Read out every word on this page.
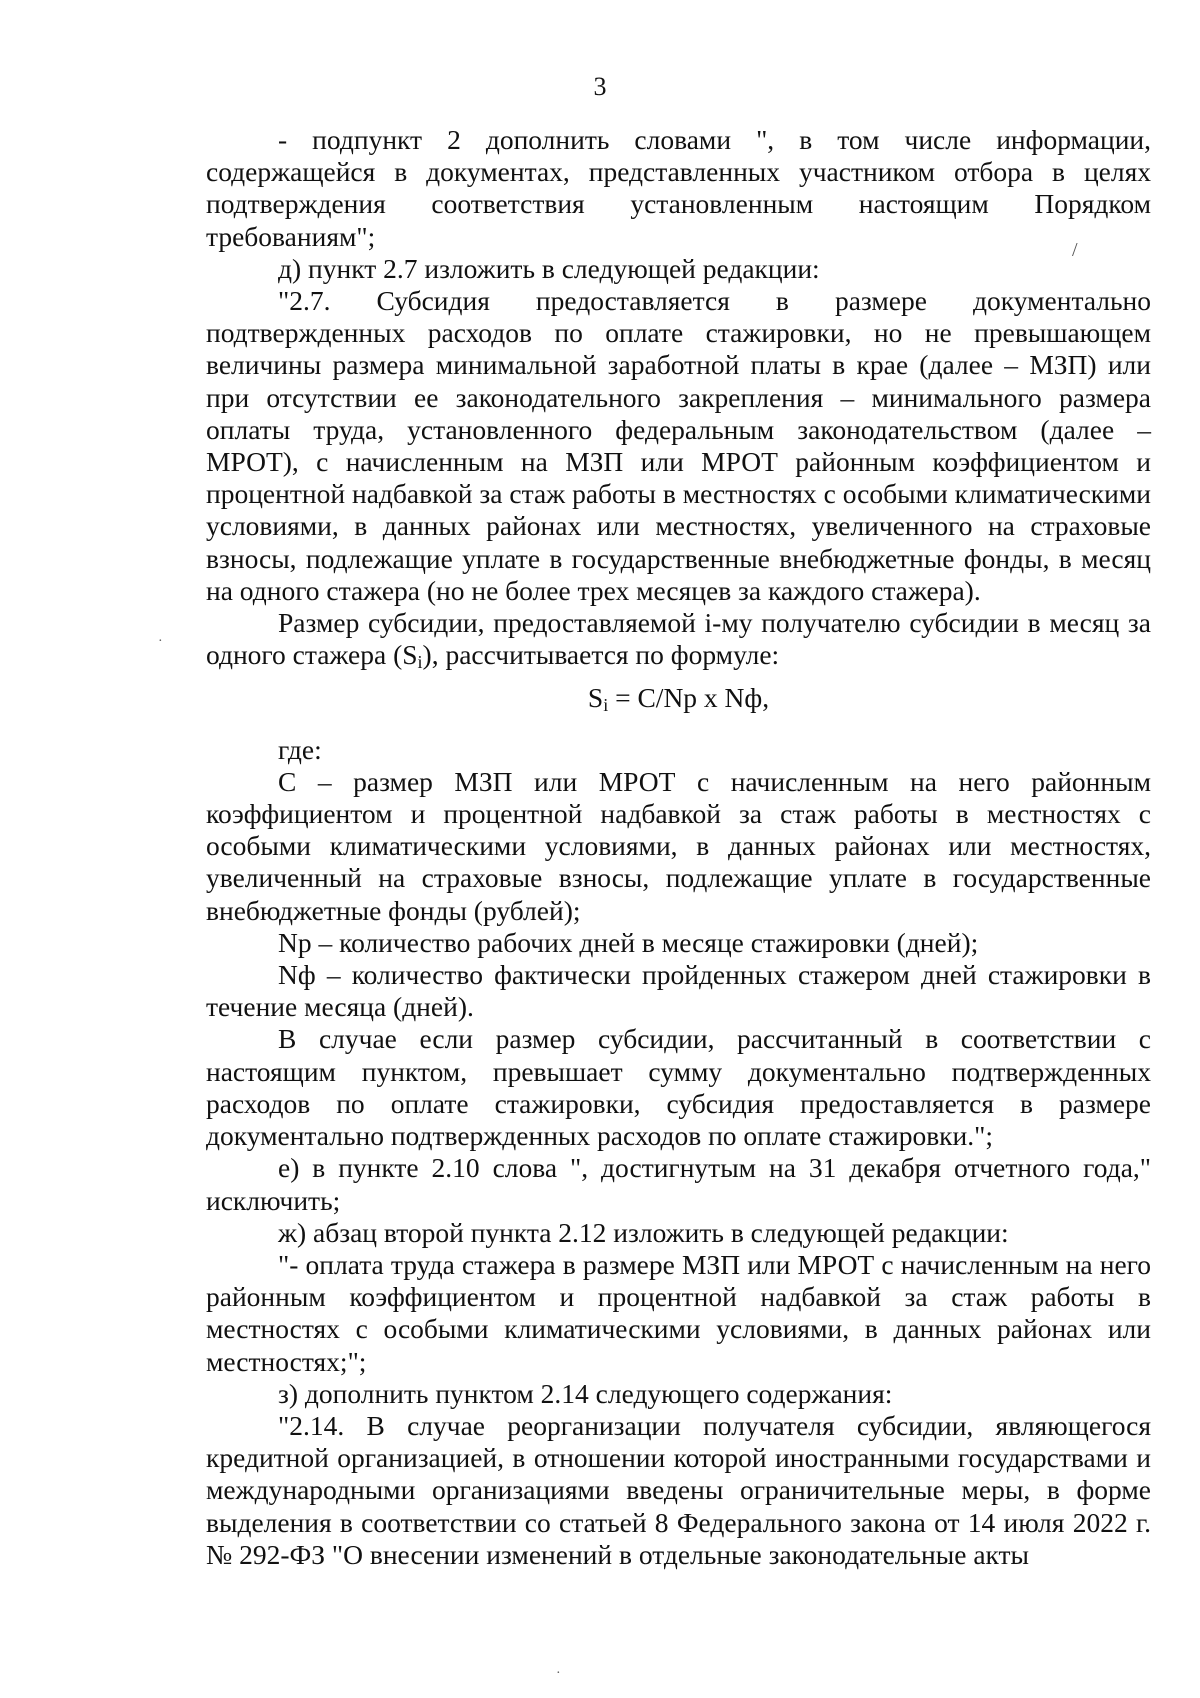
3

- подпункт 2 дополнить словами ", в том числе информации, содержащейся в документах, представленных участником отбора в целях подтверждения соответствия установленным настоящим Порядком требованиям";

д) пункт 2.7 изложить в следующей редакции:

"2.7. Субсидия предоставляется в размере документально подтвержденных расходов по оплате стажировки, но не превышающем величины размера минимальной заработной платы в крае (далее – МЗП) или при отсутствии ее законодательного закрепления – минимального размера оплаты труда, установленного федеральным законодательством (далее – МРОТ), с начисленным на МЗП или МРОТ районным коэффициентом и процентной надбавкой за стаж работы в местностях с особыми климатическими условиями, в данных районах или местностях, увеличенного на страховые взносы, подлежащие уплате в государственные внебюджетные фонды, в месяц на одного стажера (но не более трех месяцев за каждого стажера).

Размер субсидии, предоставляемой i-му получателю субсидии в месяц за одного стажера $(S_i)$, рассчитывается по формуле:

$S_i = C/Np$ x Nф,

где:

С – размер МЗП или МРОТ с начисленным на него районным коэффициентом и процентной надбавкой за стаж работы в местностях с особыми климатическими условиями, в данных районах или местностях, увеличенный на страховые взносы, подлежащие уплате в государственные внебюджетные фонды (рублей);

Np – количество рабочих дней в месяце стажировки (дней);

Nф – количество фактически пройденных стажером дней стажировки в течение месяца (дней).

В случае если размер субсидии, рассчитанный в соответствии с настоящим пунктом, превышает сумму документально подтвержденных расходов по оплате стажировки, субсидия предоставляется в размере документально подтвержденных расходов по оплате стажировки.";

е) в пункте 2.10 слова ", достигнутым на 31 декабря отчетного года," исключить;

ж) абзац второй пункта 2.12 изложить в следующей редакции:

"- оплата труда стажера в размере МЗП или МРОТ с начисленным на него районным коэффициентом и процентной надбавкой за стаж работы в местностях с особыми климатическими условиями, в данных районах или местностях;";

з) дополнить пунктом 2.14 следующего содержания:

"2.14. В случае реорганизации получателя субсидии, являющегося кредитной организацией, в отношении которой иностранными государствами и международными организациями введены ограничительные меры, в форме выделения в соответствии со статьей 8 Федерального закона от 14 июля 2022 г. № 292-ФЗ "О внесении изменений в отдельные законодательные акты

/
·
·
